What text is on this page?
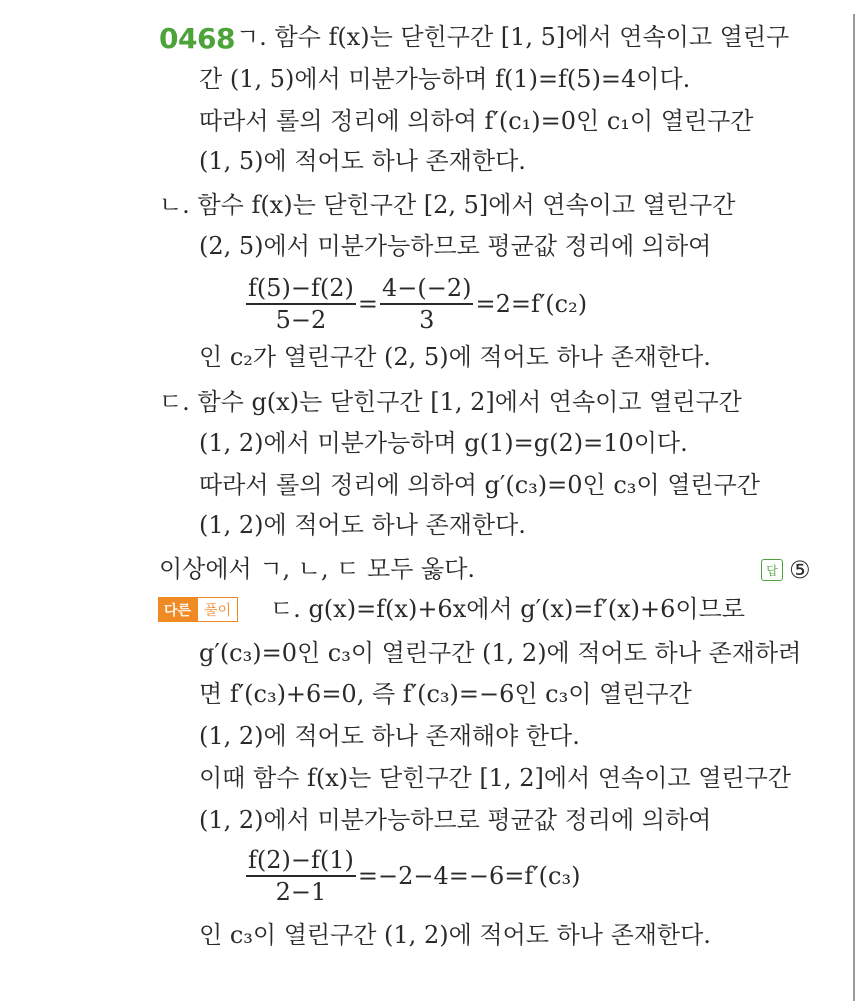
0468 ㄱ. 함수 f(x)는 닫힌구간 [1, 5]에서 연속이고 열린구
간 (1, 5)에서 미분가능하며 f(1)=f(5)=4이다.
따라서 롤의 정리에 의하여 f′(c₁)=0인 c₁이 열린구간
(1, 5)에 적어도 하나 존재한다.
ㄴ. 함수 f(x)는 닫힌구간 [2, 5]에서 연속이고 열린구간
(2, 5)에서 미분가능하므로 평균값 정리에 의하여
f(5)−f(2)
5−2
=
4−(−2)
3
=2=f′(c₂)
인 c₂가 열린구간 (2, 5)에 적어도 하나 존재한다.
ㄷ. 함수 g(x)는 닫힌구간 [1, 2]에서 연속이고 열린구간
(1, 2)에서 미분가능하며 g(1)=g(2)=10이다.
따라서 롤의 정리에 의하여 g′(c₃)=0인 c₃이 열린구간
(1, 2)에 적어도 하나 존재한다.
이상에서 ㄱ, ㄴ, ㄷ 모두 옳다.	답 ⑤
다른 풀이 ㄷ. g(x)=f(x)+6x에서 g′(x)=f′(x)+6이므로
g′(c₃)=0인 c₃이 열린구간 (1, 2)에 적어도 하나 존재하려
면 f′(c₃)+6=0, 즉 f′(c₃)=−6인 c₃이 열린구간
(1, 2)에 적어도 하나 존재해야 한다.
이때 함수 f(x)는 닫힌구간 [1, 2]에서 연속이고 열린구간
(1, 2)에서 미분가능하므로 평균값 정리에 의하여
f(2)−f(1)
2−1
=−2−4=−6=f′(c₃)
인 c₃이 열린구간 (1, 2)에 적어도 하나 존재한다.
